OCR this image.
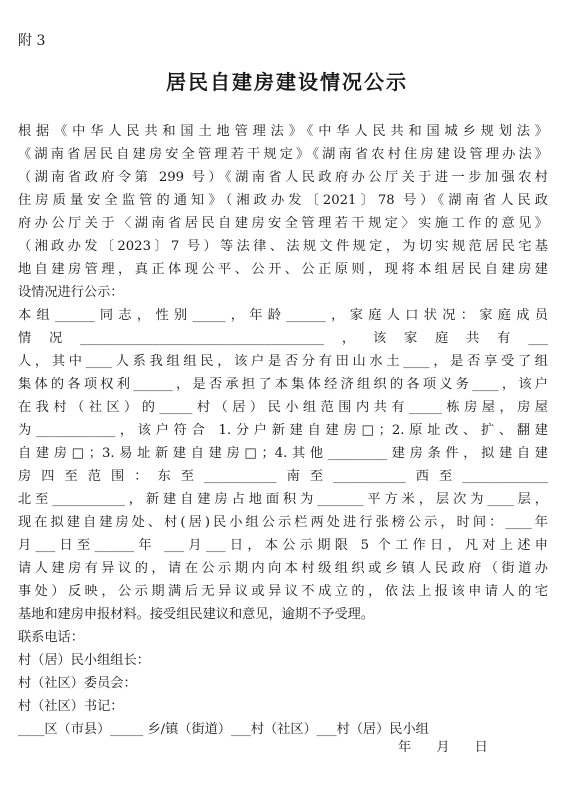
附 3
居民自建房建设情况公示
根据《中华人民共和国土地管理法》《中华人民共和国城乡规划法》
《湖南省居民自建房安全管理若干规定》《湖南省农村住房建设管理办法》
（湖南省政府令第 299 号）《湖南省人民政府办公厅关于进一步加强农村
住房质量安全监管的通知》（湘政办发〔2021〕78 号）《湖南省人民政
府办公厅关于〈湖南省居民自建房安全管理若干规定〉实施工作的意见》
（湘政办发〔2023〕7 号）等法律、法规文件规定，为切实规范居民宅基
地自建房管理，真正体现公平、公开、公正原则，现将本组居民自建房建
设情况进行公示：
本组______同志，性别_____，年龄______，家庭人口状况：家庭成员
情况_____________________________________，该家庭共有___
人，其中____人系我组组民，该户是否分有田山水土____，是否享受了组
集体的各项权利______，是否承担了本集体经济组织的各项义务____，该户
在我村（社区）的_____村（居）民小组范围内共有_____栋房屋，房屋
为____________，该户符合 1.分户新建自建房□；2.原址改、扩、翻建
自建房□；3.易址新建自建房□；4.其他_________建房条件，拟建自建
房四至范围：东至___________南至___________西至_____________
北至___________，新建自建房占地面积为_______平方米，层次为____层，
现在拟建自建房处、村(居)民小组公示栏两处进行张榜公示，时间：____年
月___日至______年 ___月___日，本公示期限 5 个工作日，凡对上述申
请人建房有异议的，请在公示期内向本村级组织或乡镇人民政府（街道办
事处）反映，公示期满后无异议或异议不成立的，依法上报该申请人的宅
基地和建房申报材料。接受组民建议和意见，逾期不予受理。
联系电话：
村（居）民小组组长：
村（社区）委员会：
村（社区）书记：
____区（市县）_____ 乡/镇（街道）___村（社区）___村（居）民小组
年      月      日
